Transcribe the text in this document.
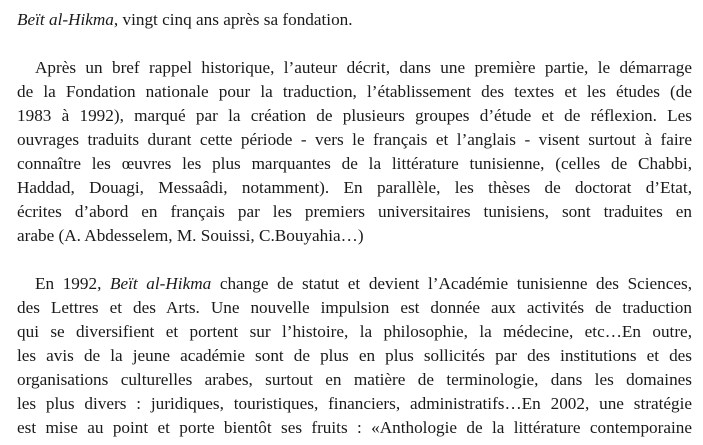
Beït al-Hikma, vingt cinq ans après sa fondation.
Après un bref rappel historique, l’auteur décrit, dans une première partie, le démarrage
de la Fondation nationale pour la traduction, l’établissement des textes et les études (de
1983 à 1992), marqué par la création de plusieurs groupes d’étude et de réflexion. Les
ouvrages traduits durant cette période - vers le français et l’anglais - visent surtout à faire
connaître les œuvres les plus marquantes de la littérature tunisienne, (celles de Chabbi,
Haddad, Douagi, Messaâdi, notamment). En parallèle, les thèses de doctorat d’Etat,
écrites d’abord en français par les premiers universitaires tunisiens, sont traduites en
arabe (A. Abdesselem, M. Souissi, C.Bouyahia…)
En 1992, Beït al-Hikma change de statut et devient l’Académie tunisienne des Sciences,
des Lettres et des Arts. Une nouvelle impulsion est donnée aux activités de traduction
qui se diversifient et portent sur l’histoire, la philosophie, la médecine, etc…En outre,
les avis de la jeune académie sont de plus en plus sollicités par des institutions et des
organisations culturelles arabes, surtout en matière de terminologie, dans les domaines
les plus divers : juridiques, touristiques, financiers, administratifs…En 2002, une stratégie
est mise au point et porte bientôt ses fruits : «Anthologie de la littérature contemporaine
